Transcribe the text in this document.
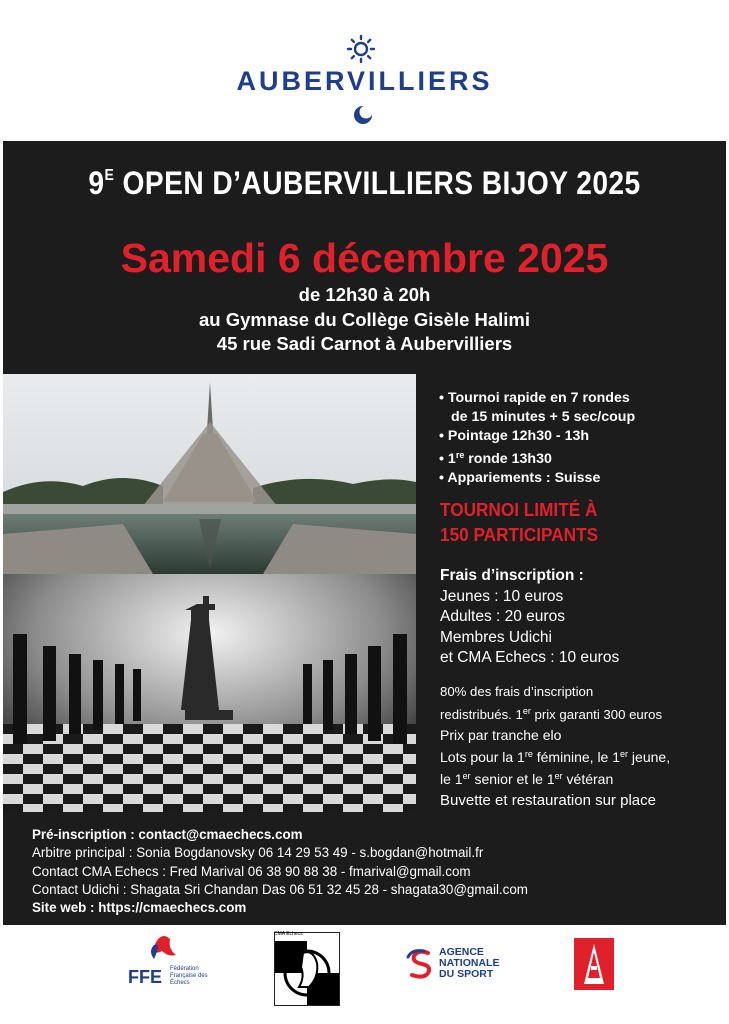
AUBERVILLIERS
$9^E$ OPEN D’AUBERVILLIERS BIJOY 2025
Samedi 6 décembre 2025
de 12h30 à 20h
au Gymnase du Collège Gisèle Halimi
45 rue Sadi Carnot à Aubervilliers
• Tournoi rapide en 7 rondes
de 15 minutes + 5 sec/coup
• Pointage 12h30 - 13h
• 1re ronde 13h30
• Appariements : Suisse
TOURNOI LIMITÉ À
150 PARTICIPANTS
Frais d’inscription :
Jeunes : 10 euros
Adultes : 20 euros
Membres Udichi
et CMA Echecs : 10 euros
80% des frais d’inscription
redistribués. 1er prix garanti 300 euros
Prix par tranche elo
Lots pour la 1re féminine, le 1er jeune,
le 1er senior et le 1er vétéran
Buvette et restauration sur place
Pré-inscription : contact@cmaechecs.com
Arbitre principal : Sonia Bogdanovsky 06 14 29 53 49 - s.bogdan@hotmail.fr
Contact CMA Echecs : Fred Marival 06 38 90 88 38 - fmarival@gmail.com
Contact Udichi : Shagata Sri Chandan Das 06 51 32 45 28 - shagata30@gmail.com
Site web : https://cmaechecs.com
FFE Fédération Française des Échecs
CMA Echecs
AGENCE
NATIONALE
DU SPORT
